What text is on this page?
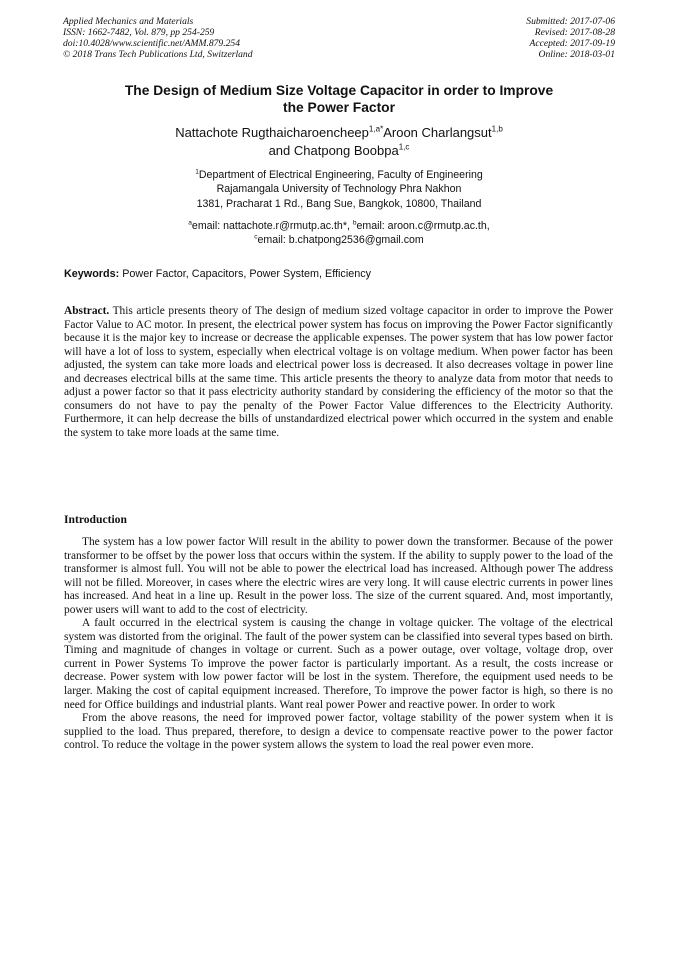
Applied Mechanics and Materials
ISSN: 1662-7482, Vol. 879, pp 254-259
doi:10.4028/www.scientific.net/AMM.879.254
© 2018 Trans Tech Publications Ltd, Switzerland
Submitted: 2017-07-06
Revised: 2017-08-28
Accepted: 2017-09-19
Online: 2018-03-01
The Design of Medium Size Voltage Capacitor in order to Improve
the Power Factor
Nattachote Rugthaicharoencheep$^{1,a*}$Aroon Charlangsut$^{1,b}$
and Chatpong Boobpa$^{1,c}$
$^1$Department of Electrical Engineering, Faculty of Engineering
Rajamangala University of Technology Phra Nakhon
1381, Pracharat 1 Rd., Bang Sue, Bangkok, 10800, Thailand
$^a$email: nattachote.r@rmutp.ac.th*, $^b$email: aroon.c@rmutp.ac.th,
$^c$email: b.chatpong2536@gmail.com
Keywords: Power Factor, Capacitors, Power System, Efficiency
Abstract. This article presents theory of The design of medium sized voltage capacitor in order to improve the Power Factor Value to AC motor. In present, the electrical power system has focus on improving the Power Factor significantly because it is the major key to increase or decrease the applicable expenses. The power system that has low power factor will have a lot of loss to system, especially when electrical voltage is on voltage medium. When power factor has been adjusted, the system can take more loads and electrical power loss is decreased. It also decreases voltage in power line and decreases electrical bills at the same time. This article presents the theory to analyze data from motor that needs to adjust a power factor so that it pass electricity authority standard by considering the efficiency of the motor so that the consumers do not have to pay the penalty of the Power Factor Value differences to the Electricity Authority. Furthermore, it can help decrease the bills of unstandardized electrical power which occurred in the system and enable the system to take more loads at the same time.
Introduction

The system has a low power factor Will result in the ability to power down the transformer. Because of the power transformer to be offset by the power loss that occurs within the system. If the ability to supply power to the load of the transformer is almost full. You will not be able to power the electrical load has increased. Although power The address will not be filled. Moreover, in cases where the electric wires are very long. It will cause electric currents in power lines has increased. And heat in a line up. Result in the power loss. The size of the current squared. And, most importantly, power users will want to add to the cost of electricity.

A fault occurred in the electrical system is causing the change in voltage quicker. The voltage of the electrical system was distorted from the original. The fault of the power system can be classified into several types based on birth. Timing and magnitude of changes in voltage or current. Such as a power outage, over voltage, voltage drop, over current in Power Systems To improve the power factor is particularly important. As a result, the costs increase or decrease. Power system with low power factor will be lost in the system. Therefore, the equipment used needs to be larger. Making the cost of capital equipment increased. Therefore, To improve the power factor is high, so there is no need for Office buildings and industrial plants. Want real power Power and reactive power. In order to work

From the above reasons, the need for improved power factor, voltage stability of the power system when it is supplied to the load. Thus prepared, therefore, to design a device to compensate reactive power to the power factor control. To reduce the voltage in the power system allows the system to load the real power even more.
